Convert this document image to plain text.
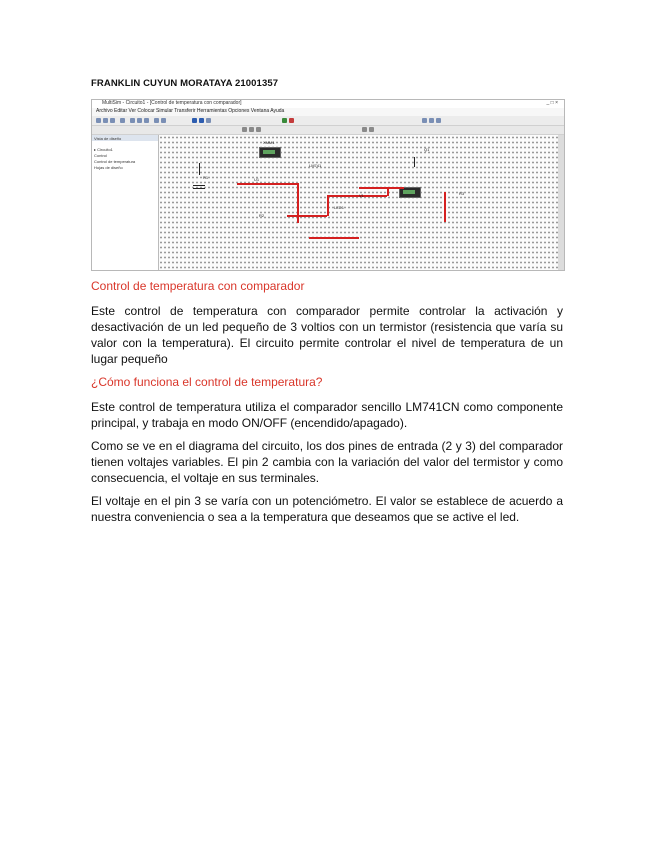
FRANKLIN CUYUN MORATAYA 21001357
MultiSim - Circuito1 - [Control de temperatura con comparador]	_ □ ×
Archivo Editar Ver Colocar Simular Transferir Herramientas Opciones Ventana Ayuda
Vista de diseño
▸ Circuito1
Control
Control de temperatura
Hojas de diseño
XMM1
R1	U1
LM741
LED1
R2
V1
Q1
R3
Control de temperatura con comparador

Este control de temperatura con comparador permite controlar la activación y desactivación de un led pequeño de 3 voltios con un termistor (resistencia que varía su valor con la temperatura). El circuito permite controlar el nivel de temperatura de un lugar pequeño

¿Cómo funciona el control de temperatura?

Este control de temperatura utiliza el comparador sencillo LM741CN como componente principal, y trabaja en modo ON/OFF (encendido/apagado).

Como se ve en el diagrama del circuito, los dos pines de entrada (2 y 3) del comparador tienen voltajes variables. El pin 2 cambia con la variación del valor del termistor y como consecuencia, el voltaje en sus terminales.

El voltaje en el pin 3 se varía con un potenciómetro. El valor se establece de acuerdo a nuestra conveniencia o sea a la temperatura que deseamos que se active el led.
